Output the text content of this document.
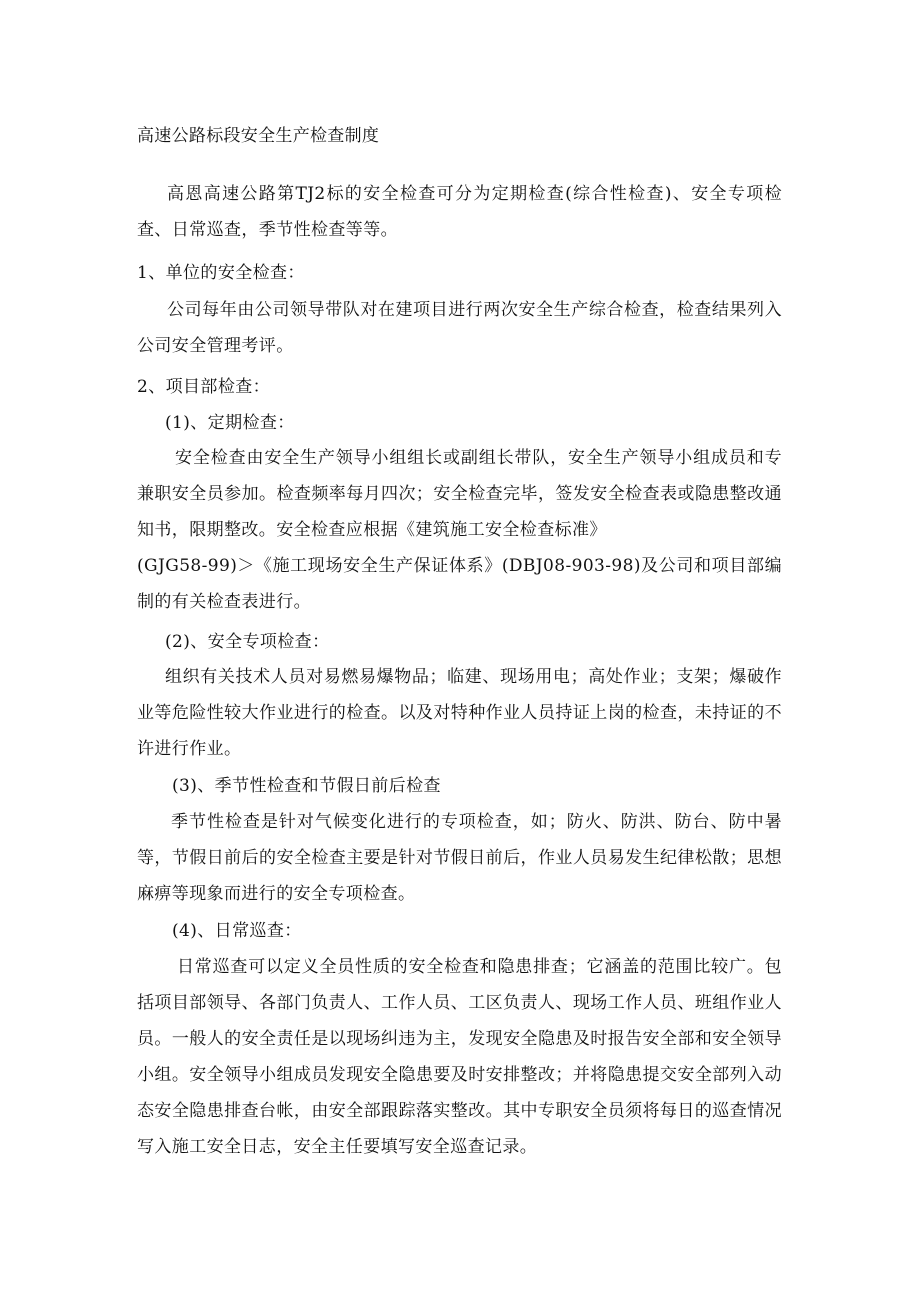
高速公路标段安全生产检查制度
高恩高速公路第TJ2标的安全检查可分为定期检查(综合性检查)、安全专项检查、日常巡查，季节性检查等等。
1、单位的安全检查：
公司每年由公司领导带队对在建项目进行两次安全生产综合检查，检查结果列入公司安全管理考评。
2、项目部检查：
(1)、定期检查：
安全检查由安全生产领导小组组长或副组长带队，安全生产领导小组成员和专兼职安全员参加。检查频率每月四次；安全检查完毕，签发安全检查表或隐患整改通知书，限期整改。安全检查应根据《建筑施工安全检查标准》
(GJG58-99)＞《施工现场安全生产保证体系》(DBJ08-903-98)及公司和项目部编制的有关检查表进行。
(2)、安全专项检查：
组织有关技术人员对易燃易爆物品；临建、现场用电；高处作业；支架；爆破作业等危险性较大作业进行的检查。以及对特种作业人员持证上岗的检查，未持证的不许进行作业。
(3)、季节性检查和节假日前后检查
季节性检查是针对气候变化进行的专项检查，如；防火、防洪、防台、防中暑等，节假日前后的安全检查主要是针对节假日前后，作业人员易发生纪律松散；思想麻痹等现象而进行的安全专项检查。
(4)、日常巡查：
日常巡查可以定义全员性质的安全检查和隐患排查；它涵盖的范围比较广。包括项目部领导、各部门负责人、工作人员、工区负责人、现场工作人员、班组作业人员。一般人的安全责任是以现场纠违为主，发现安全隐患及时报告安全部和安全领导小组。安全领导小组成员发现安全隐患要及时安排整改；并将隐患提交安全部列入动态安全隐患排查台帐，由安全部跟踪落实整改。其中专职安全员须将每日的巡查情况写入施工安全日志，安全主任要填写安全巡查记录。
